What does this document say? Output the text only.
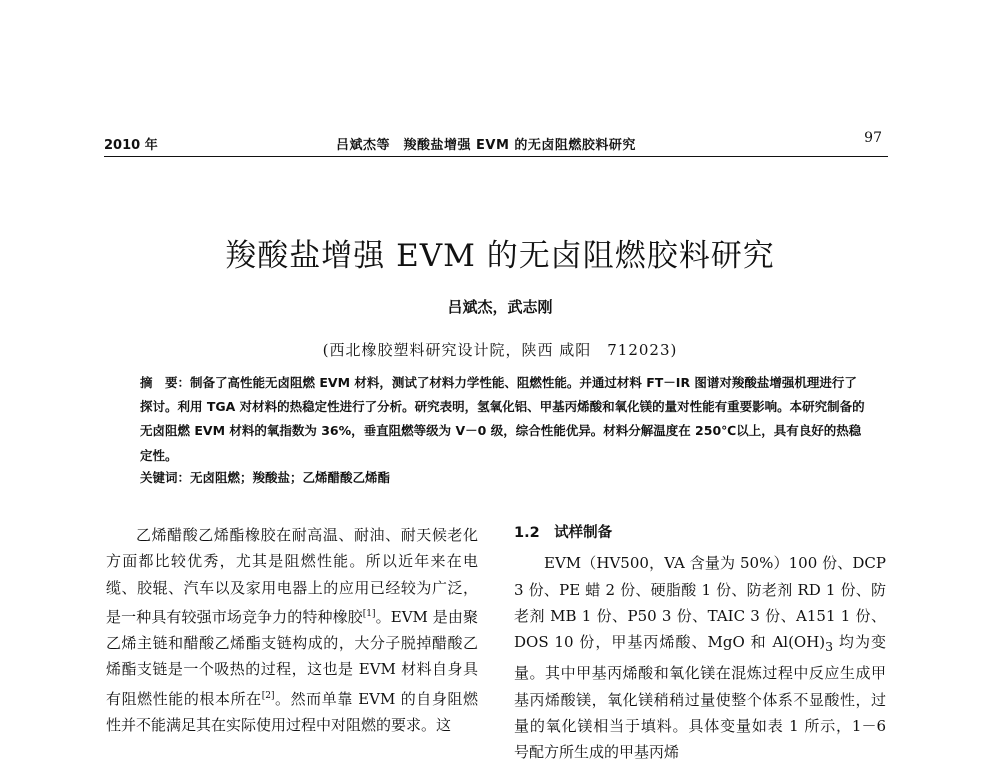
2010 年	吕斌杰等　羧酸盐增强 EVM 的无卤阻燃胶料研究	97
羧酸盐增强 EVM 的无卤阻燃胶料研究
吕斌杰，武志刚
(西北橡胶塑料研究设计院，陕西 咸阳　712023)
摘　要：制备了高性能无卤阻燃 EVM 材料，测试了材料力学性能、阻燃性能。并通过材料 FT－IR 图谱对羧酸盐增强机理进行了探讨。利用 TGA 对材料的热稳定性进行了分析。研究表明，氢氧化铝、甲基丙烯酸和氧化镁的量对性能有重要影响。本研究制备的无卤阻燃 EVM 材料的氧指数为 36%，垂直阻燃等级为 V－0 级，综合性能优异。材料分解温度在 250℃以上，具有良好的热稳定性。
关键词：无卤阻燃；羧酸盐；乙烯醋酸乙烯酯

乙烯醋酸乙烯酯橡胶在耐高温、耐油、耐天候老化方面都比较优秀，尤其是阻燃性能。所以近年来在电缆、胶辊、汽车以及家用电器上的应用已经较为广泛，是一种具有较强市场竞争力的特种橡胶[1]。EVM 是由聚乙烯主链和醋酸乙烯酯支链构成的，大分子脱掉醋酸乙烯酯支链是一个吸热的过程，这也是 EVM 材料自身具有阻燃性能的根本所在[2]。然而单靠 EVM 的自身阻燃性并不能满足其在实际使用过程中对阻燃的要求。这

1.2　试样制备

EVM（HV500，VA 含量为 50%）100 份、DCP 3 份、PE 蜡 2 份、硬脂酸 1 份、防老剂 RD 1 份、防老剂 MB 1 份、P50 3 份、TAIC 3 份、A151 1 份、DOS 10 份，甲基丙烯酸、MgO 和 $Al(OH)_3$ 均为变量。其中甲基丙烯酸和氧化镁在混炼过程中反应生成甲基丙烯酸镁，氧化镁稍稍过量使整个体系不显酸性，过量的氧化镁相当于填料。具体变量如表 1 所示，1－6 号配方所生成的甲基丙烯
